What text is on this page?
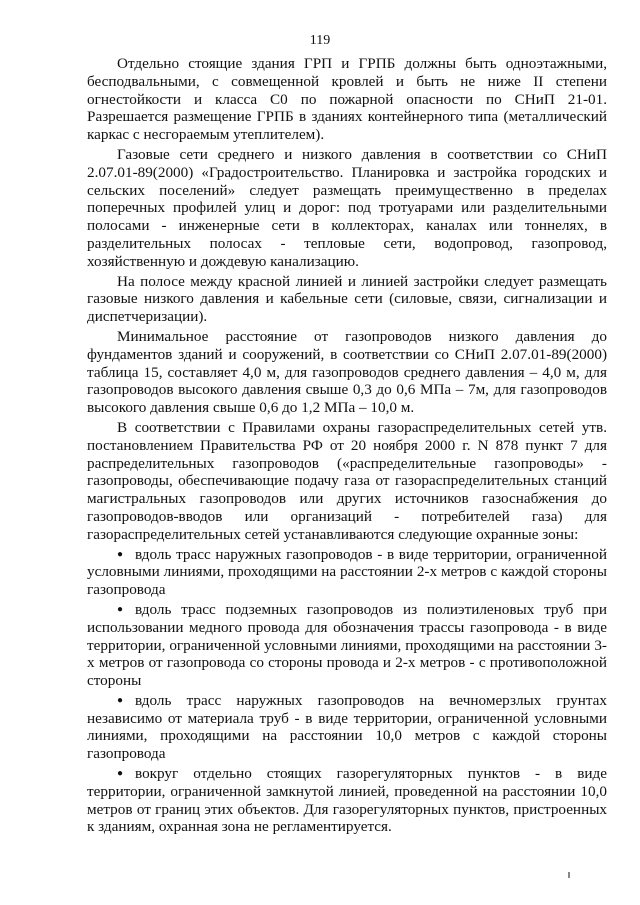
119

Отдельно стоящие здания ГРП и ГРПБ должны быть одноэтажными, бесподвальными, с совмещенной кровлей и быть не ниже II степени огнестойкости и класса С0 по пожарной опасности по СНиП 21-01. Разрешается размещение ГРПБ в зданиях контейнерного типа (металлический каркас с несгораемым утеплителем).

Газовые сети среднего и низкого давления в соответствии со СНиП 2.07.01-89(2000) «Градостроительство. Планировка и застройка городских и сельских поселений» следует размещать преимущественно в пределах поперечных профилей улиц и дорог: под тротуарами или разделительными полосами - инженерные сети в коллекторах, каналах или тоннелях, в разделительных полосах - тепловые сети, водопровод, газопровод, хозяйственную и дождевую канализацию.

На полосе между красной линией и линией застройки следует размещать газовые низкого давления и кабельные сети (силовые, связи, сигнализации и диспетчеризации).

Минимальное расстояние от газопроводов низкого давления до фундаментов зданий и сооружений, в соответствии со СНиП 2.07.01-89(2000) таблица 15, составляет 4,0 м, для газопроводов среднего давления – 4,0 м, для газопроводов высокого давления свыше 0,3 до 0,6 МПа – 7м, для газопроводов высокого давления свыше 0,6 до 1,2 МПа – 10,0 м.

В соответствии с Правилами охраны газораспределительных сетей утв. постановлением Правительства РФ от 20 ноября 2000 г. N 878 пункт 7 для распределительных газопроводов («распределительные газопроводы» - газопроводы, обеспечивающие подачу газа от газораспределительных станций магистральных газопроводов или других источников газоснабжения до газопроводов-вводов или организаций - потребителей газа) для газораспределительных сетей устанавливаются следующие охранные зоны:

● вдоль трасс наружных газопроводов - в виде территории, ограниченной условными линиями, проходящими на расстоянии 2-х метров с каждой стороны газопровода
● вдоль трасс подземных газопроводов из полиэтиленовых труб при использовании медного провода для обозначения трассы газопровода - в виде территории, ограниченной условными линиями, проходящими на расстоянии 3-х метров от газопровода со стороны провода и 2-х метров - с противоположной стороны
● вдоль трасс наружных газопроводов на вечномерзлых грунтах независимо от материала труб - в виде территории, ограниченной условными линиями, проходящими на расстоянии 10,0 метров с каждой стороны газопровода
● вокруг отдельно стоящих газорегуляторных пунктов - в виде территории, ограниченной замкнутой линией, проведенной на расстоянии 10,0 метров от границ этих объектов. Для газорегуляторных пунктов, пристроенных к зданиям, охранная зона не регламентируется.
